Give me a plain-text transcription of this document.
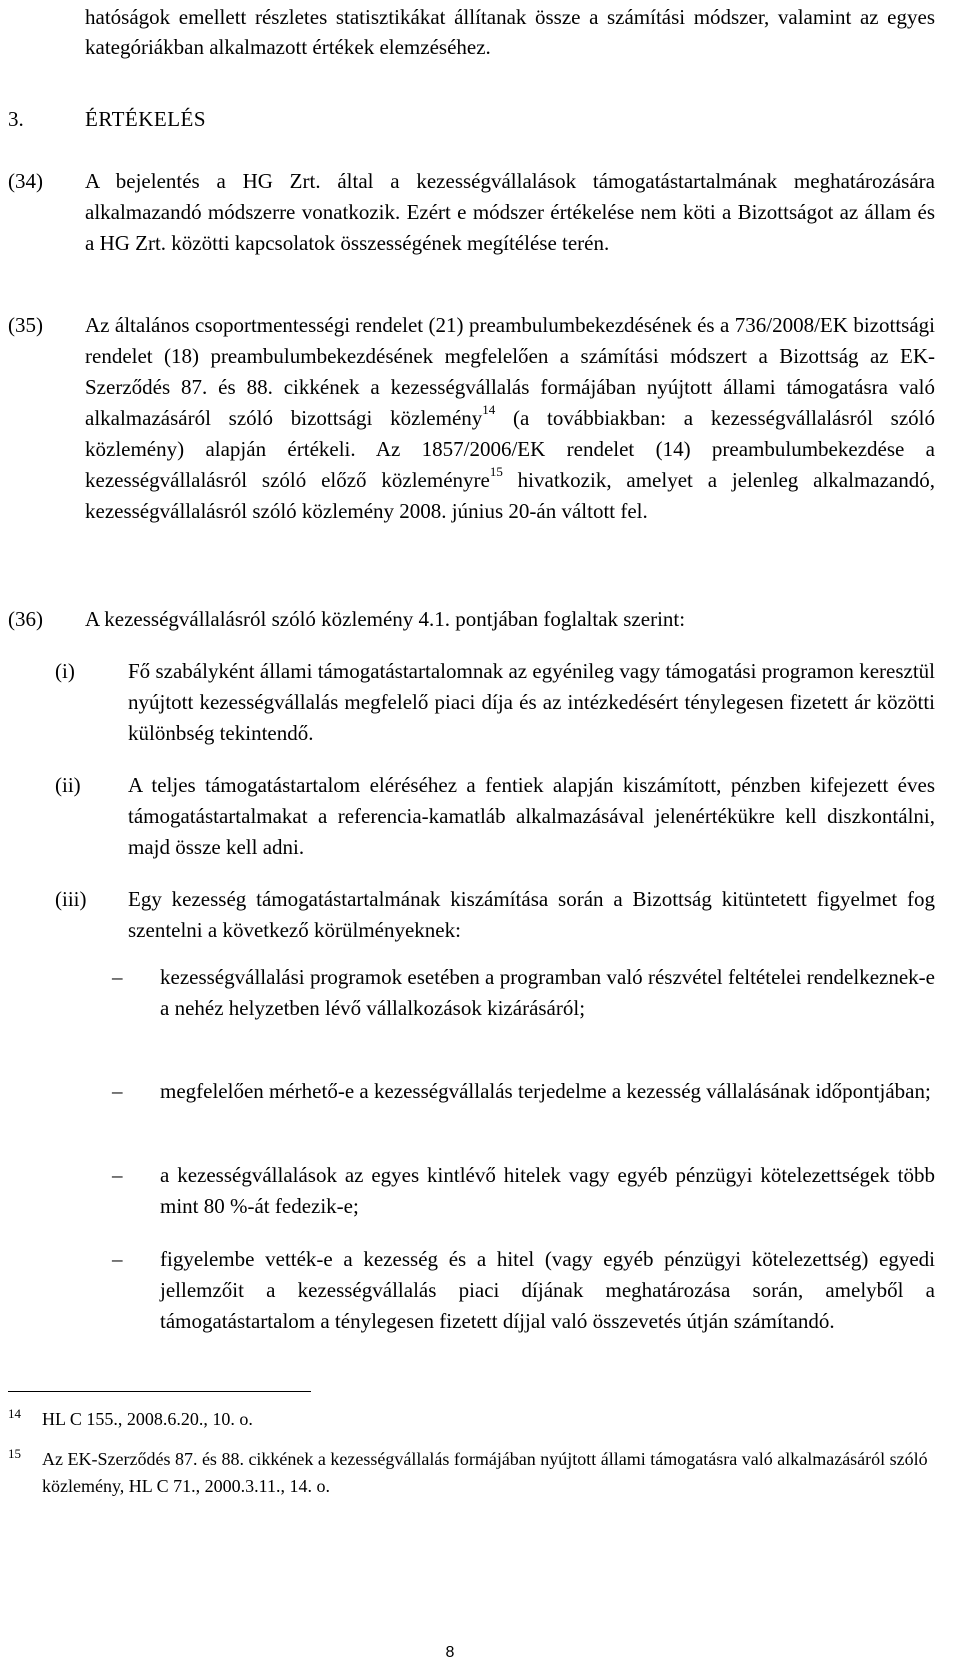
hatóságok emellett részletes statisztikákat állítanak össze a számítási módszer, valamint az egyes kategóriákban alkalmazott értékek elemzéséhez.
3.	ÉRTÉKELÉS
(34) A bejelentés a HG Zrt. által a kezességvállalások támogatástartalmának meghatározására alkalmazandó módszerre vonatkozik. Ezért e módszer értékelése nem köti a Bizottságot az állam és a HG Zrt. közötti kapcsolatok összességének megítélése terén.
(35) Az általános csoportmentességi rendelet (21) preambulumbekezdésének és a 736/2008/EK bizottsági rendelet (18) preambulumbekezdésének megfelelően a számítási módszert a Bizottság az EK-Szerződés 87. és 88. cikkének a kezességvállalás formájában nyújtott állami támogatásra való alkalmazásáról szóló bizottsági közlemény$^{14}$ (a továbbiakban: a kezességvállalásról szóló közlemény) alapján értékeli. Az 1857/2006/EK rendelet (14) preambulumbekezdése a kezességvállalásról szóló előző közleményre$^{15}$ hivatkozik, amelyet a jelenleg alkalmazandó, kezességvállalásról szóló közlemény 2008. június 20-án váltott fel.
(36) A kezességvállalásról szóló közlemény 4.1. pontjában foglaltak szerint:
(i)	Fő szabályként állami támogatástartalomnak az egyénileg vagy támogatási programon keresztül nyújtott kezességvállalás megfelelő piaci díja és az intézkedésért ténylegesen fizetett ár közötti különbség tekintendő.
(ii) A teljes támogatástartalom eléréséhez a fentiek alapján kiszámított, pénzben kifejezett éves támogatástartalmakat a referencia-kamatláb alkalmazásával jelenértékükre kell diszkontálni, majd össze kell adni.
(iii) Egy kezesség támogatástartalmának kiszámítása során a Bizottság kitüntetett figyelmet fog szentelni a következő körülményeknek:
– kezességvállalási programok esetében a programban való részvétel feltételei rendelkeznek-e a nehéz helyzetben lévő vállalkozások kizárásáról;
– megfelelően mérhető-e a kezességvállalás terjedelme a kezesség vállalásának időpontjában;
– a kezességvállalások az egyes kintlévő hitelek vagy egyéb pénzügyi kötelezettségek több mint 80 %-át fedezik-e;
– figyelembe vették-e a kezesség és a hitel (vagy egyéb pénzügyi kötelezettség) egyedi jellemzőit a kezességvállalás piaci díjának meghatározása során, amelyből a támogatástartalom a ténylegesen fizetett díjjal való összevetés útján számítandó.
14 HL C 155., 2008.6.20., 10. o.
15 Az EK-Szerződés 87. és 88. cikkének a kezességvállalás formájában nyújtott állami támogatásra való alkalmazásáról szóló közlemény, HL C 71., 2000.3.11., 14. o.
8
